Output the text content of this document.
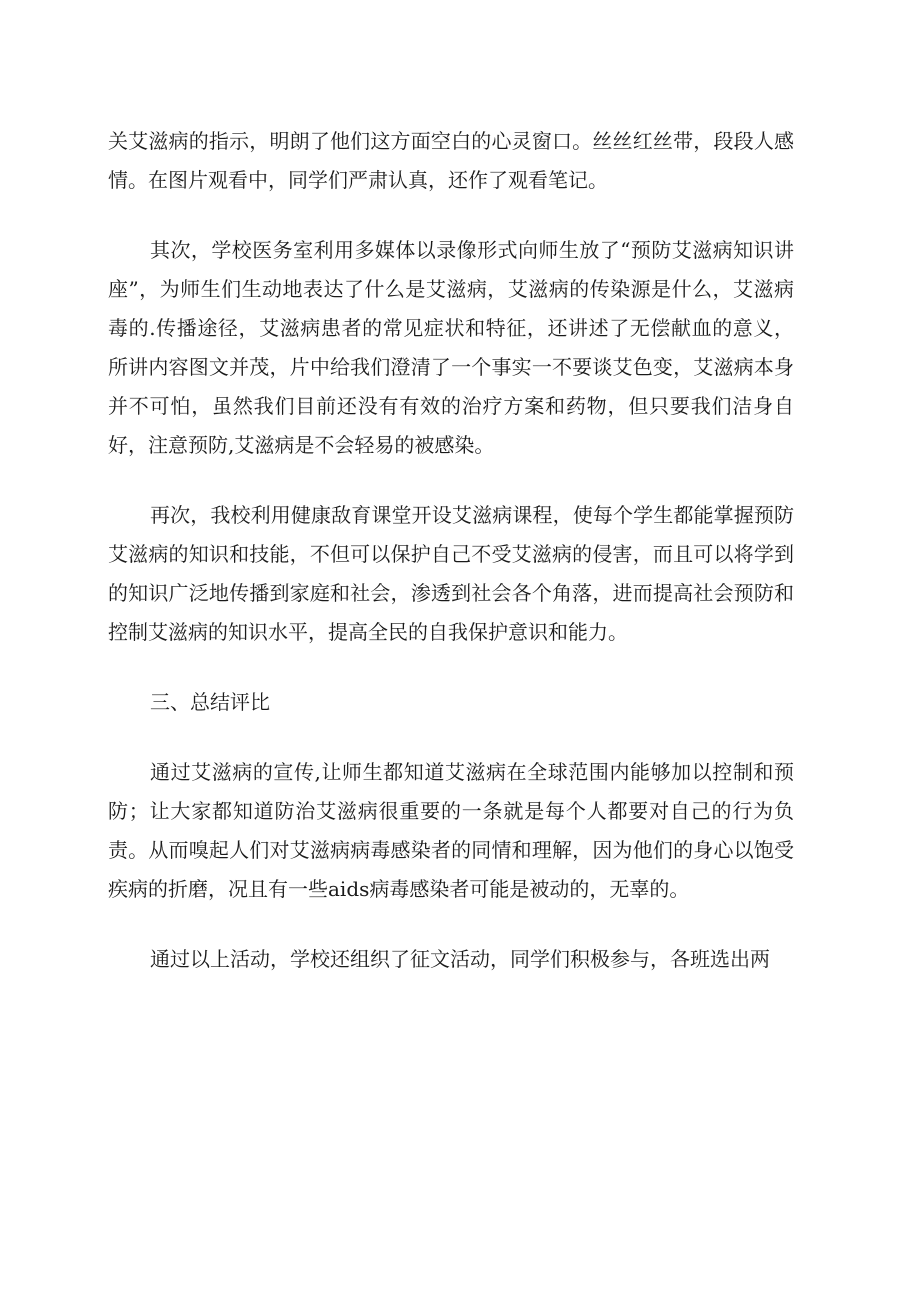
关艾滋病的指示，明朗了他们这方面空白的心灵窗口。丝丝红丝带，段段人感情。在图片观看中，同学们严肃认真，还作了观看笔记。

其次，学校医务室利用多媒体以录像形式向师生放了“预防艾滋病知识讲座”，为师生们生动地表达了什么是艾滋病，艾滋病的传染源是什么，艾滋病毒的.传播途径，艾滋病患者的常见症状和特征，还讲述了无偿献血的意义，所讲内容图文并茂，片中给我们澄清了一个事实一不要谈艾色变，艾滋病本身并不可怕，虽然我们目前还没有有效的治疗方案和药物，但只要我们洁身自好，注意预防,艾滋病是不会轻易的被感染。

再次，我校利用健康敌育课堂开设艾滋病课程，使每个学生都能掌握预防艾滋病的知识和技能，不但可以保护自己不受艾滋病的侵害，而且可以将学到的知识广泛地传播到家庭和社会，渗透到社会各个角落，进而提高社会预防和控制艾滋病的知识水平，提高全民的自我保护意识和能力。

三、总结评比

通过艾滋病的宣传,让师生都知道艾滋病在全球范围内能够加以控制和预防；让大家都知道防治艾滋病很重要的一条就是每个人都要对自己的行为负责。从而嗅起人们对艾滋病病毒感染者的同情和理解，因为他们的身心以饱受疾病的折磨，况且有一些aids病毒感染者可能是被动的，无辜的。

通过以上活动，学校还组织了征文活动，同学们积极参与，各班选出两
